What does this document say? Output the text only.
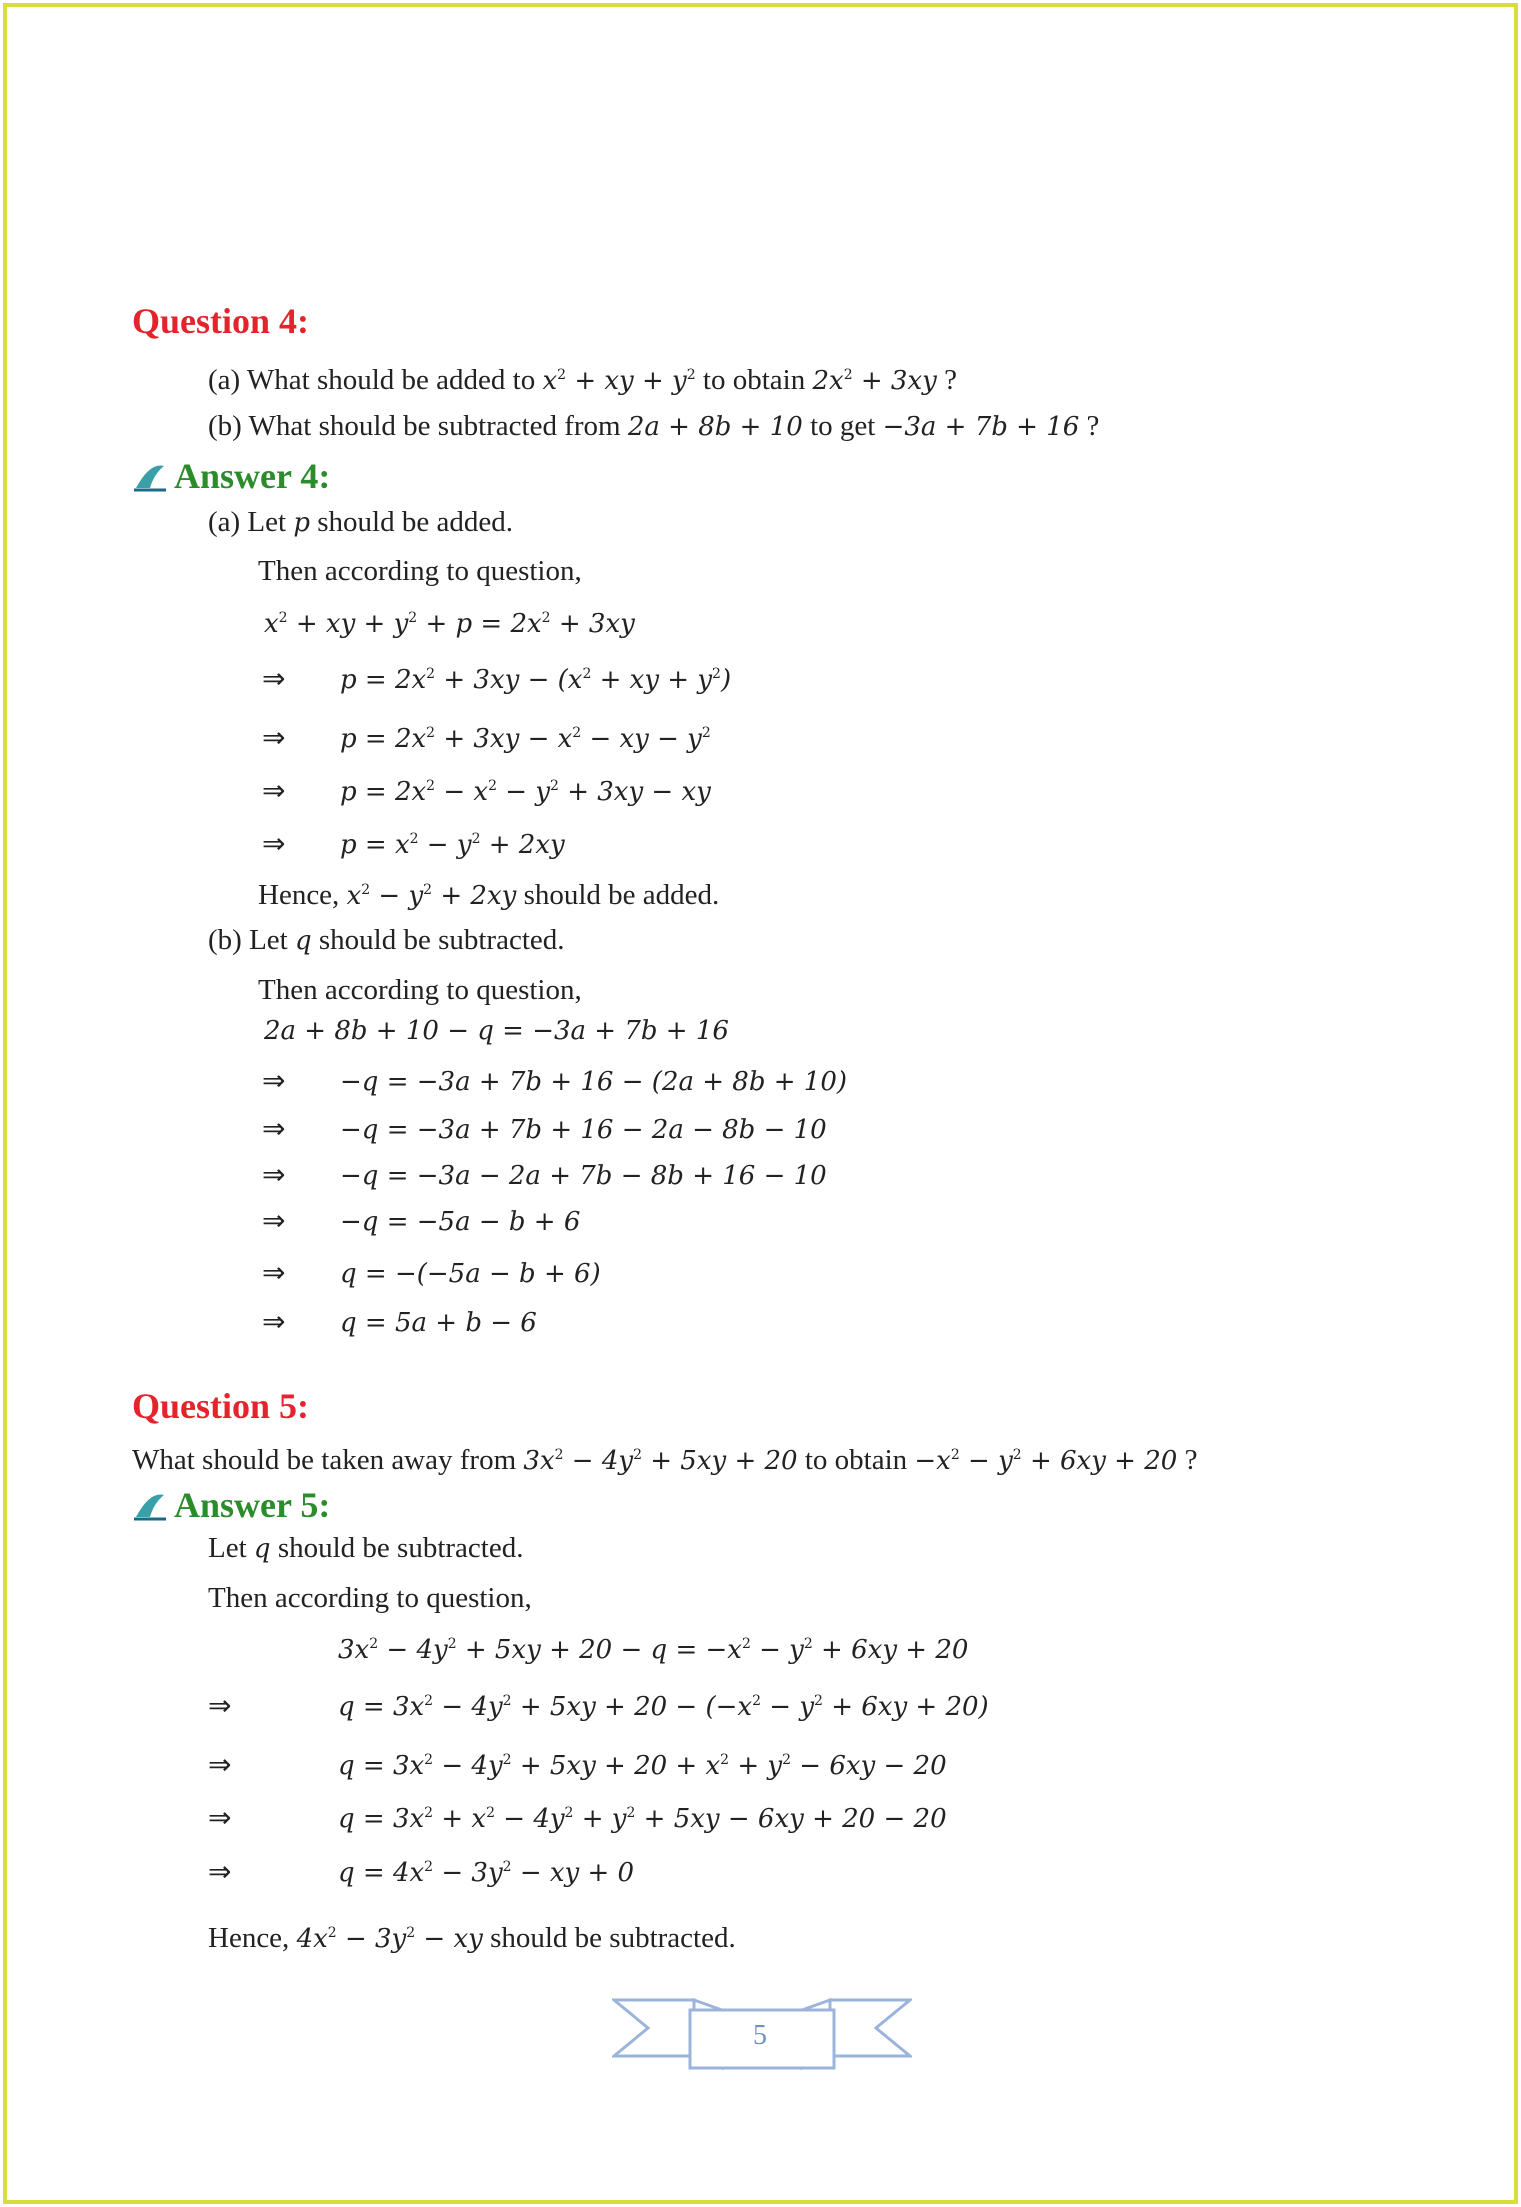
Question 4:
(a) What should be added to $x^2$ + xy + $y^2$ to obtain $2x^2 + 3xy$ ?
(b) What should be subtracted from 2a + 8b + 10 to get −3a + 7b + 16 ?
Answer 4:
(a) Let p should be added.
Then according to question,
$x^2$ + xy + $y^2 + p = 2x^2 + 3xy$
⇒ $p = 2x^2 + 3xy - (x^2$ + xy + $y^2$)
⇒ $p = 2x^2 + 3xy - x^2$ − xy − $y^2$
⇒ $p = 2x^2 - x^2 - y^2 + 3xy$ − xy
⇒ $p = x^2 - y^2 + 2xy$
Hence, $x^2 - y^2 + 2xy$ should be added.
(b) Let q should be subtracted.
Then according to question,
2a + 8b + 10 − q = −3a + 7b + 16
⇒ −q = −3a + 7b + 16 − (2a + 8b + 10)
⇒ −q = −3a + 7b + 16 − 2a − 8b − 10
⇒ −q = −3a − 2a + 7b − 8b + 16 − 10
⇒ −q = −5a − b + 6
⇒ q = −(−5a − b + 6)
⇒ q = 5a + b − 6
Question 5:
What should be taken away from $3x^2 - 4y^2 + 5xy + 20$ to obtain $-x^2 - y^2 + 6xy + 20$ ?
Answer 5:
Let q should be subtracted.
Then according to question,
$3x^2 - 4y^2 + 5xy + 20 - q = -x^2 - y^2 + 6xy + 20$
⇒	$q = 3x^2 - 4y^2 + 5xy + 20 - (-x^2 - y^2 + 6xy + 20)$
⇒	$q = 3x^2 - 4y^2 + 5xy + 20 + x^2 + y^2 - 6xy - 20$
⇒	$q = 3x^2 + x^2 - 4y^2 + y^2 + 5xy - 6xy + 20 - 20$
⇒	$q = 4x^2 - 3y^2$ − xy + 0
Hence, $4x^2 - 3y^2$ − xy should be subtracted.
5
